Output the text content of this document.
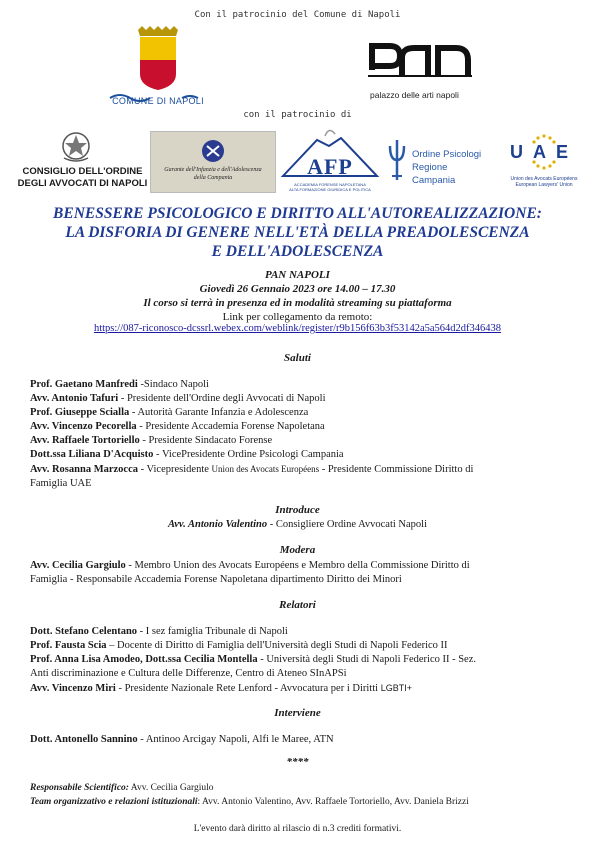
Con il patrocinio del Comune di Napoli
COMUNE DI NAPOLI
palazzo delle arti napoli
con il patrocinio di
CONSIGLIO DELL'ORDINE
DEGLI AVVOCATI DI NAPOLI
Garante dell'Infanzia e dell'Adolescenza
della Campania	AFP
ACCADEMIA FORENSE NAPOLETANA
ALTA FORMAZIONE GIURIDICA E POLITICA
Ordine Psicologi
Regione Campania
UAE
Union des Avocats Européens
European Lawyers' Union
BENESSERE PSICOLOGICO E DIRITTO ALL'AUTOREALIZZAZIONE:
LA DISFORIA DI GENERE NELL'ETÀ DELLA PREADOLESCENZA
E DELL'ADOLESCENZA
PAN NAPOLI
Giovedì 26 Gennaio 2023 ore 14.00 – 17.30
Il corso si terrà in presenza ed in modalità streaming su piattaforma
Link per collegamento da remoto:
https://087-riconosco-dcssrl.webex.com/weblink/register/r9b156f63b3f53142a5a564d2df346438
Saluti
Prof. Gaetano Manfredi -Sindaco Napoli
Avv. Antonio Tafuri - Presidente dell'Ordine degli Avvocati di Napoli
Prof. Giuseppe Scialla - Autorità Garante Infanzia e Adolescenza
Avv. Vincenzo Pecorella - Presidente Accademia Forense Napoletana
Avv. Raffaele Tortoriello - Presidente Sindacato Forense
Dott.ssa Liliana D'Acquisto - VicePresidente Ordine Psicologi Campania
Avv. Rosanna Marzocca - Vicepresidente Union des Avocats Européens - Presidente Commissione Diritto di
Famiglia UAE
Introduce
Avv. Antonio Valentino - Consigliere Ordine Avvocati Napoli
Modera
Avv. Cecilia Gargiulo - Membro Union des Avocats Européens e Membro della Commissione Diritto di
Famiglia - Responsabile Accademia Forense Napoletana dipartimento Diritto dei Minori
Relatori
Dott. Stefano Celentano - I sez famiglia Tribunale di Napoli
Prof. Fausta Scia – Docente di Diritto di Famiglia dell'Università degli Studi di Napoli Federico II
Prof. Anna Lisa Amodeo, Dott.ssa Cecilia Montella - Università degli Studi di Napoli Federico II - Sez.
Anti discriminazione e Cultura delle Differenze, Centro di Ateneo SInAPSi
Avv. Vincenzo Miri - Presidente Nazionale Rete Lenford - Avvocatura per i Diritti LGBTI+
Interviene
Dott. Antonello Sannino - Antinoo Arcigay Napoli, Alfi le Maree, ATN
****
Responsabile Scientifico: Avv. Cecilia Gargiulo
Team organizzativo e relazioni istituzionali: Avv. Antonio Valentino, Avv. Raffaele Tortoriello, Avv. Daniela Brizzi
L'evento darà diritto al rilascio di n.3 crediti formativi.
